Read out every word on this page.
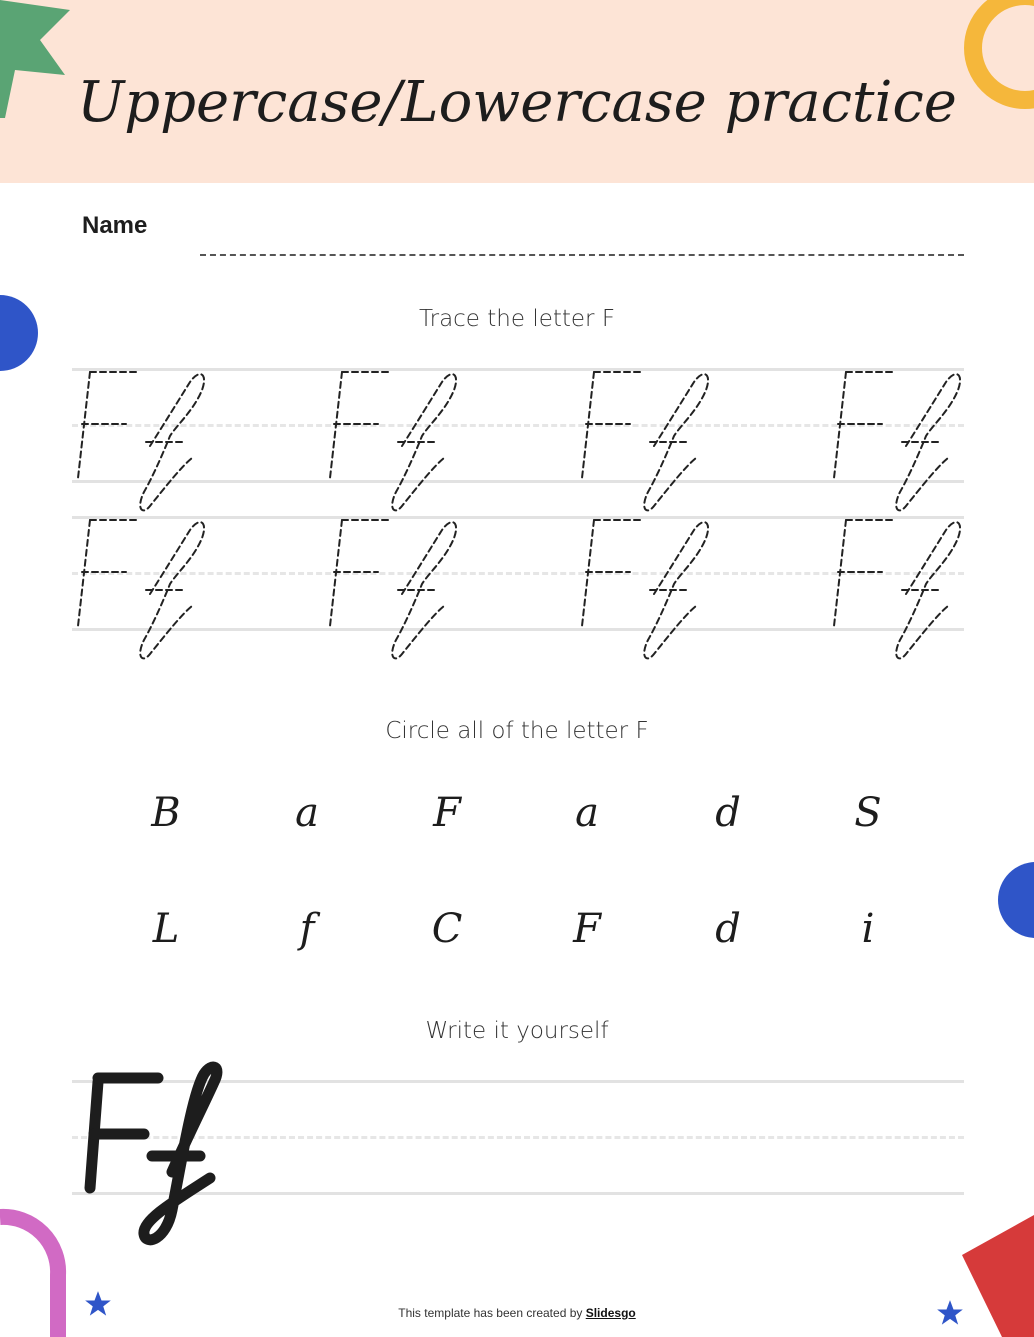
Uppercase/Lowercase practice
Name
Trace the letter F
Circle all of the letter F
B	a	F	a	d	S
L	f	C	F	d	i
Write it yourself
This template has been created by Slidesgo
